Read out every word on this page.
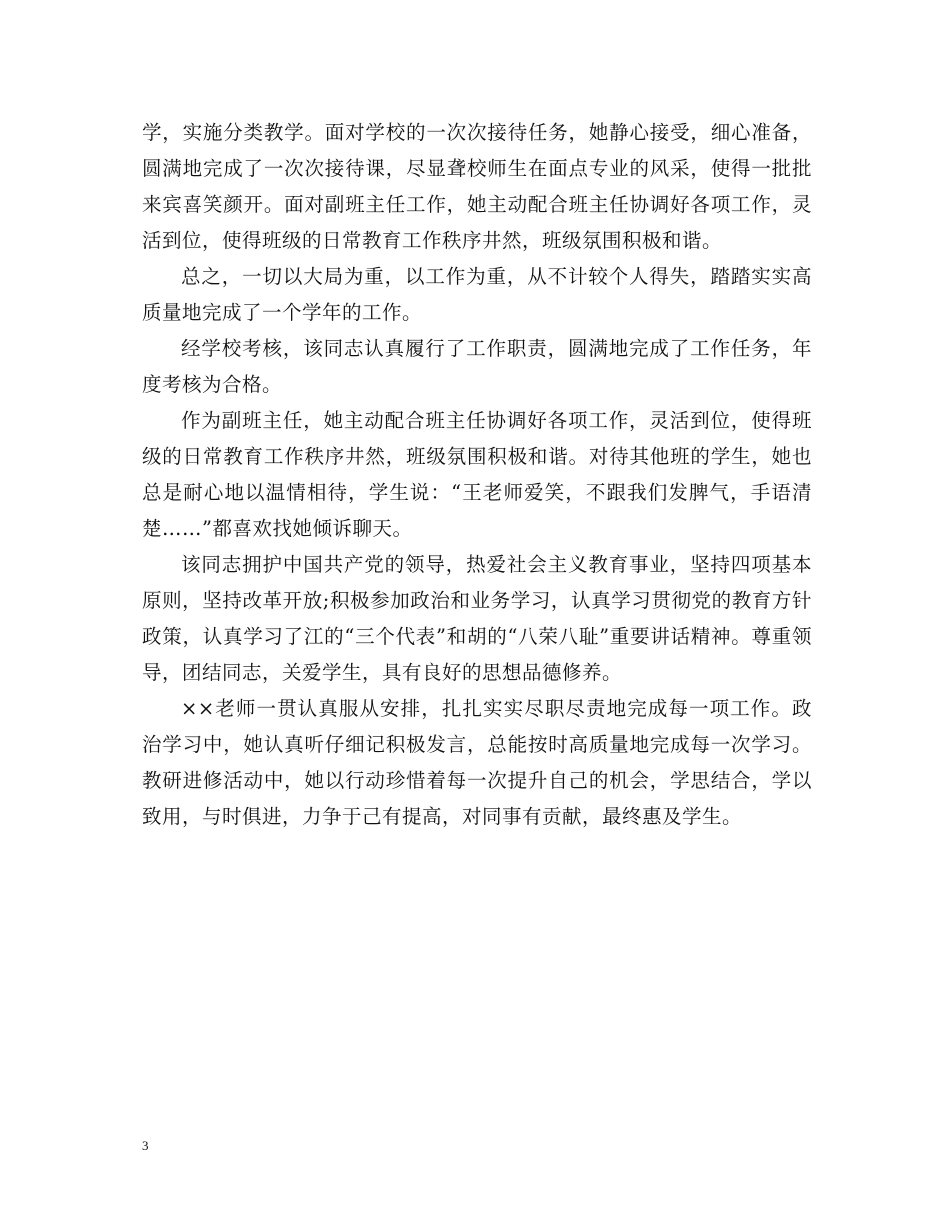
学，实施分类教学。面对学校的一次次接待任务，她静心接受，细心准备，圆满地完成了一次次接待课，尽显聋校师生在面点专业的风采，使得一批批来宾喜笑颜开。面对副班主任工作，她主动配合班主任协调好各项工作，灵活到位，使得班级的日常教育工作秩序井然，班级氛围积极和谐。

总之，一切以大局为重，以工作为重，从不计较个人得失，踏踏实实高质量地完成了一个学年的工作。

经学校考核，该同志认真履行了工作职责，圆满地完成了工作任务，年度考核为合格。

作为副班主任，她主动配合班主任协调好各项工作，灵活到位，使得班级的日常教育工作秩序井然，班级氛围积极和谐。对待其他班的学生，她也总是耐心地以温情相待，学生说：“王老师爱笑，不跟我们发脾气，手语清楚……”都喜欢找她倾诉聊天。

该同志拥护中国共产党的领导，热爱社会主义教育事业，坚持四项基本原则，坚持改革开放;积极参加政治和业务学习，认真学习贯彻党的教育方针政策，认真学习了江的“三个代表”和胡的“八荣八耻”重要讲话精神。尊重领导，团结同志，关爱学生，具有良好的思想品德修养。

××老师一贯认真服从安排，扎扎实实尽职尽责地完成每一项工作。政治学习中，她认真听仔细记积极发言，总能按时高质量地完成每一次学习。教研进修活动中，她以行动珍惜着每一次提升自己的机会，学思结合，学以致用，与时俱进，力争于己有提高，对同事有贡献，最终惠及学生。

3
